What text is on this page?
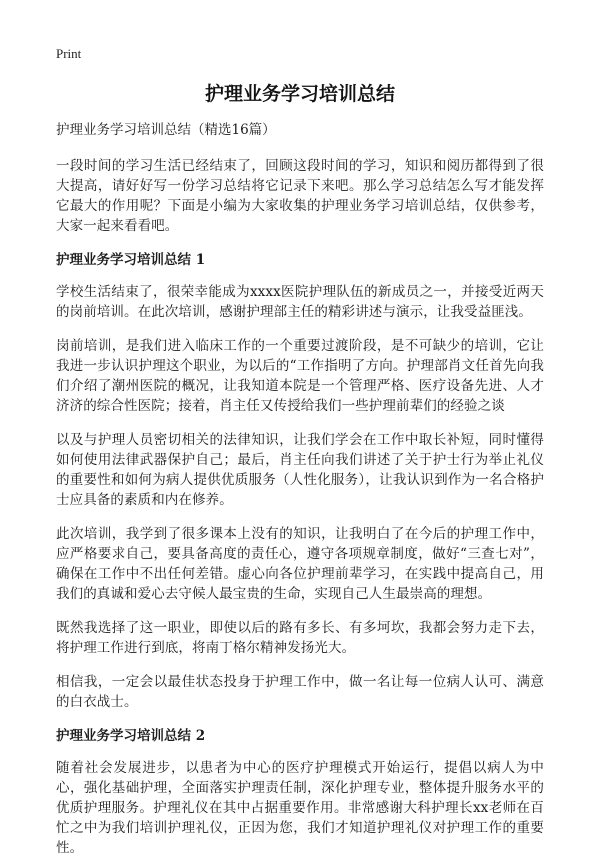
Print
护理业务学习培训总结

护理业务学习培训总结（精选16篇）

一段时间的学习生活已经结束了，回顾这段时间的学习，知识和阅历都得到了很大提高，请好好写一份学习总结将它记录下来吧。那么学习总结怎么写才能发挥它最大的作用呢？下面是小编为大家收集的护理业务学习培训总结，仅供参考，大家一起来看看吧。

护理业务学习培训总结 1

学校生活结束了，很荣幸能成为xxxx医院护理队伍的新成员之一，并接受近两天的岗前培训。在此次培训，感谢护理部主任的精彩讲述与演示，让我受益匪浅。

岗前培训，是我们进入临床工作的一个重要过渡阶段，是不可缺少的培训，它让我进一步认识护理这个职业，为以后的“工作指明了方向。护理部肖文任首先向我们介绍了潮州医院的概况，让我知道本院是一个管理严格、医疗设备先进、人才济济的综合性医院；接着，肖主任又传授给我们一些护理前辈们的经验之谈

以及与护理人员密切相关的法律知识，让我们学会在工作中取长补短，同时懂得如何使用法律武器保护自己；最后，肖主任向我们讲述了关于护士行为举止礼仪的重要性和如何为病人提供优质服务（人性化服务），让我认识到作为一名合格护士应具备的素质和内在修养。

此次培训，我学到了很多课本上没有的知识，让我明白了在今后的护理工作中，应严格要求自己，要具备高度的责任心，遵守各项规章制度，做好“三查七对”，确保在工作中不出任何差错。虚心向各位护理前辈学习，在实践中提高自己，用我们的真诚和爱心去守候人最宝贵的生命，实现自己人生最崇高的理想。

既然我选择了这一职业，即使以后的路有多长、有多坷坎，我都会努力走下去，将护理工作进行到底，将南丁格尔精神发扬光大。

相信我，一定会以最佳状态投身于护理工作中，做一名让每一位病人认可、满意的白衣战士。

护理业务学习培训总结 2

随着社会发展进步，以患者为中心的医疗护理模式开始运行，提倡以病人为中心，强化基础护理，全面落实护理责任制，深化护理专业，整体提升服务水平的优质护理服务。护理礼仪在其中占据重要作用。非常感谢大科护理长xx老师在百忙之中为我们培训护理礼仪，正因为您，我们才知道护理礼仪对护理工作的重要性。
